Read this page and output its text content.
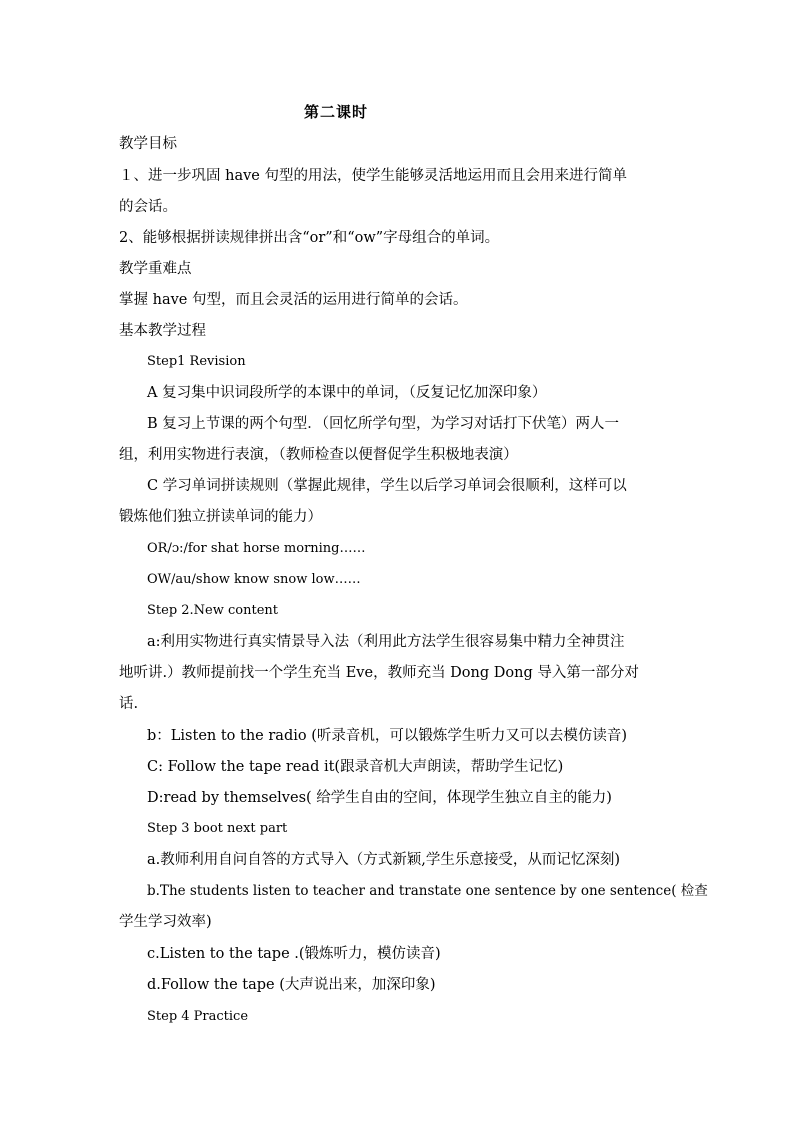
第二课时
教学目标
１、进一步巩固 have 句型的用法，使学生能够灵活地运用而且会用来进行简单
的会话。
2、能够根据拼读规律拼出含“or”和“ow”字母组合的单词。
教学重难点
掌握 have 句型，而且会灵活的运用进行简单的会话。
基本教学过程
Step1 Revision
A 复习集中识词段所学的本课中的单词，（反复记忆加深印象）
B 复习上节课的两个句型．（回忆所学句型，为学习对话打下伏笔）两人一
组，利用实物进行表演，（教师检查以便督促学生积极地表演）
C 学习单词拼读规则（掌握此规律，学生以后学习单词会很顺利，这样可以
锻炼他们独立拼读单词的能力）
OR/ɔ:/for shat horse morning……
OW/au/show know snow low……
Step 2.New content
a:利用实物进行真实情景导入法（利用此方法学生很容易集中精力全神贯注
地听讲.）教师提前找一个学生充当 Eve，教师充当 Dong Dong 导入第一部分对
话.
b：Listen to the radio (听录音机，可以锻炼学生听力又可以去模仿读音)
C: Follow the tape read it(跟录音机大声朗读，帮助学生记忆)
D:read by themselves( 给学生自由的空间，体现学生独立自主的能力)
Step 3 boot next part
a.教师利用自问自答的方式导入（方式新颖,学生乐意接受，从而记忆深刻)
b.The students listen to teacher and transtate one sentence by one sentence( 检查
学生学习效率)
c.Listen to the tape .(锻炼听力，模仿读音)
d.Follow the tape (大声说出来，加深印象)
Step 4 Practice
